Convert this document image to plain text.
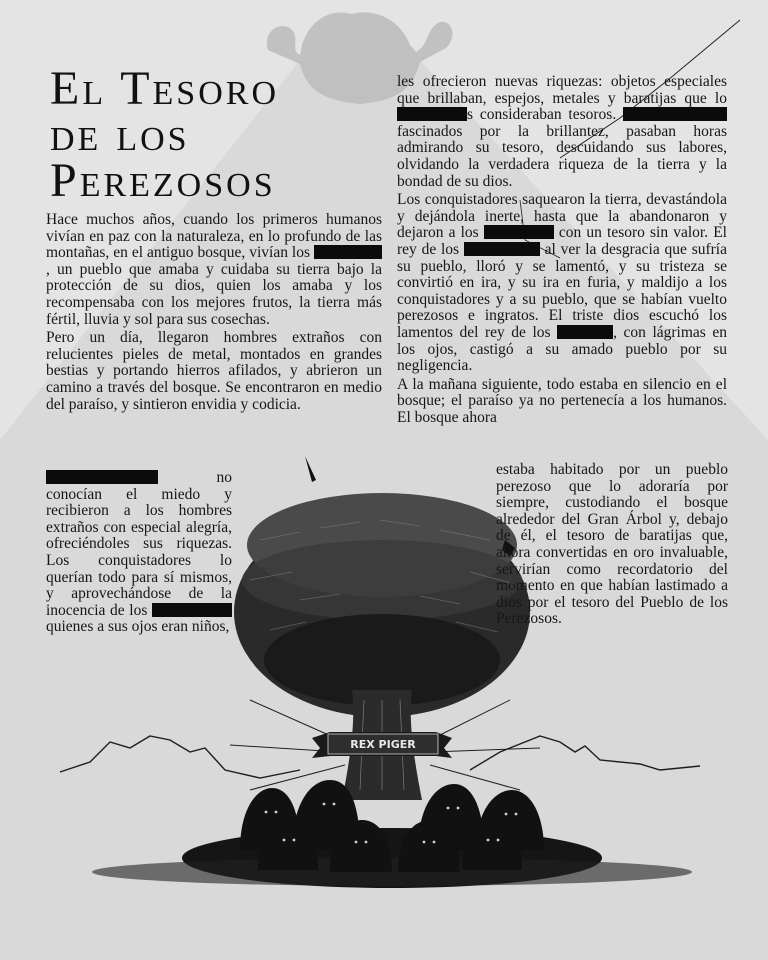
REX PIGER
El Tesoro
de los
Perezosos

Hace muchos años, cuando los primeros humanos vivían en paz con la naturaleza, en lo profundo de las montañas, en el antiguo bosque, vivían los , un pueblo que amaba y cuidaba su tierra bajo la protección de su dios, quien los amaba y los recompensaba con los mejores frutos, la tierra más fértil, lluvia y sol para sus cosechas.

Pero un día, llegaron hombres extraños con relucientes pieles de metal, montados en grandes bestias y portando hierros afilados, y abrieron un camino a través del bosque. Se encontraron en medio del paraíso, y sintieron envidia y codicia.

no conocían el miedo y recibieron a los hombres extraños con especial alegría, ofreciéndoles sus riquezas. Los conquistadores lo querían todo para sí mismos, y aprovechándose de la inocencia de los  quienes a sus ojos eran niños,

les ofrecieron nuevas riquezas: objetos especiales que brillaban, espejos, metales y baratijas que los consideraban tesoros.  fascinados por la brillantez, pasaban horas admirando su tesoro, descuidando sus labores, olvidando la verdadera riqueza de la tierra y la bondad de su dios.

Los conquistadores saquearon la tierra, devastándola y dejándola inerte, hasta que la abandonaron y dejaron a los	con un tesoro sin valor. El rey de los	al ver la desgracia que sufría su pueblo, lloró y se lamentó, y su tristeza se convirtió en ira, y su ira en furia, y maldijo a los conquistadores y a su pueblo, que se habían vuelto perezosos e ingratos. El triste dios escuchó los lamentos del rey de los	, con lágrimas en los ojos, castigó a su amado pueblo por su negligencia.

A la mañana siguiente, todo estaba en silencio en el bosque; el paraíso ya no pertenecía a los humanos. El bosque ahora

estaba habitado por un pueblo perezoso que lo adoraría por siempre, custodiando el bosque alrededor del Gran Árbol y, debajo de él, el tesoro de baratijas que, ahora convertidas en oro invaluable, servirían como recordatorio del momento en que habían lastimado a dios por el tesoro del Pueblo de los Perezosos.
